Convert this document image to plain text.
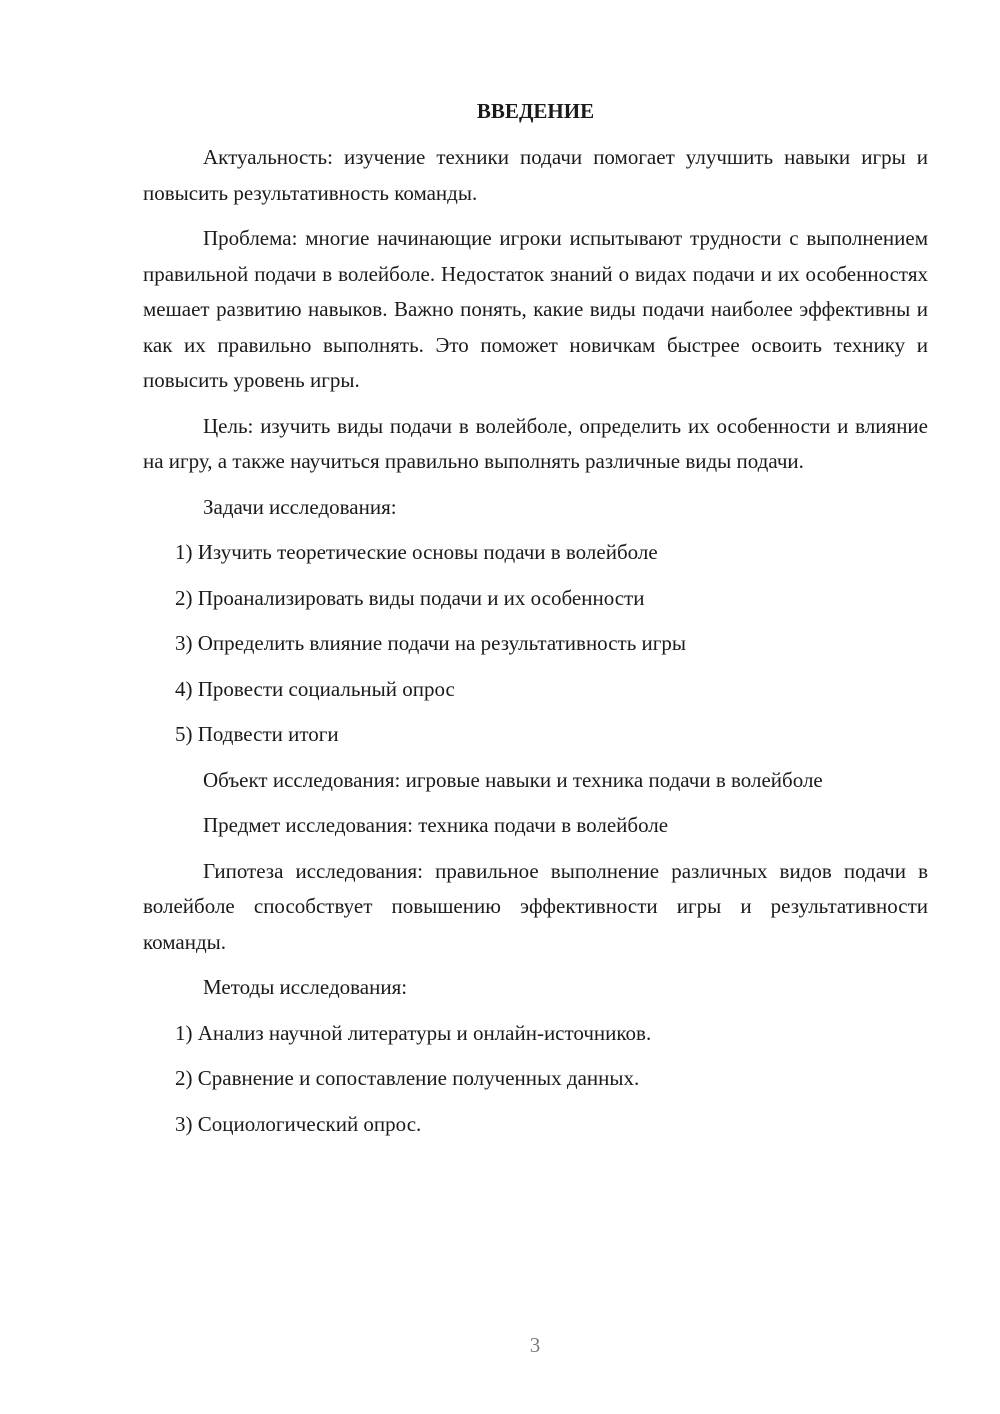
ВВЕДЕНИЕ
Актуальность: изучение техники подачи помогает улучшить навыки игры и повысить результативность команды.
Проблема: многие начинающие игроки испытывают трудности с выполнением правильной подачи в волейболе. Недостаток знаний о видах подачи и их особенностях мешает развитию навыков. Важно понять, какие виды подачи наиболее эффективны и как их правильно выполнять. Это поможет новичкам быстрее освоить технику и повысить уровень игры.
Цель: изучить виды подачи в волейболе, определить их особенности и влияние на игру, а также научиться правильно выполнять различные виды подачи.
Задачи исследования:
1) Изучить теоретические основы подачи в волейболе
2) Проанализировать виды подачи и их особенности
3) Определить влияние подачи на результативность игры
4) Провести социальный опрос
5) Подвести итоги
Объект исследования: игровые навыки и техника подачи в волейболе
Предмет исследования: техника подачи в волейболе
Гипотеза исследования: правильное выполнение различных видов подачи в волейболе способствует повышению эффективности игры и результативности команды.
Методы исследования:
1) Анализ научной литературы и онлайн-источников.
2) Сравнение и сопоставление полученных данных.
3) Социологический опрос.
3
